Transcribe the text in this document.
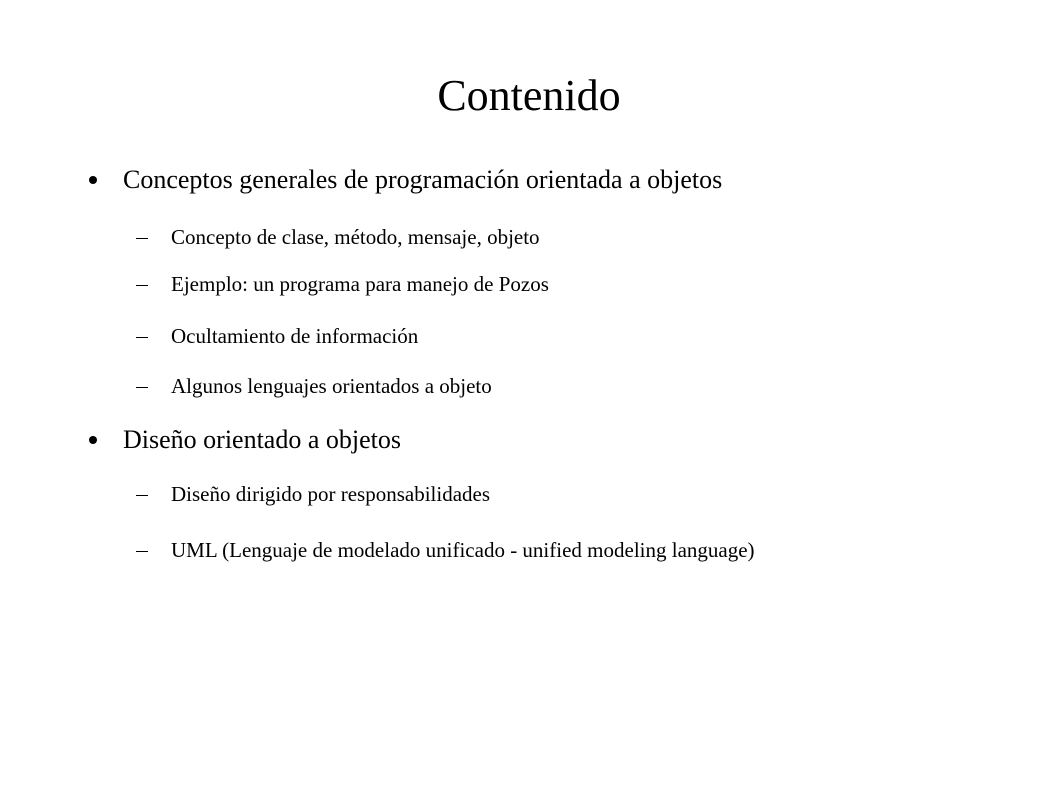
Contenido
Conceptos generales de programación orientada a objetos
Concepto de clase, método, mensaje, objeto
Ejemplo: un programa para manejo de Pozos
Ocultamiento de información
Algunos lenguajes orientados a objeto
Diseño orientado a objetos
Diseño dirigido por responsabilidades
UML (Lenguaje de modelado unificado - unified modeling language)
